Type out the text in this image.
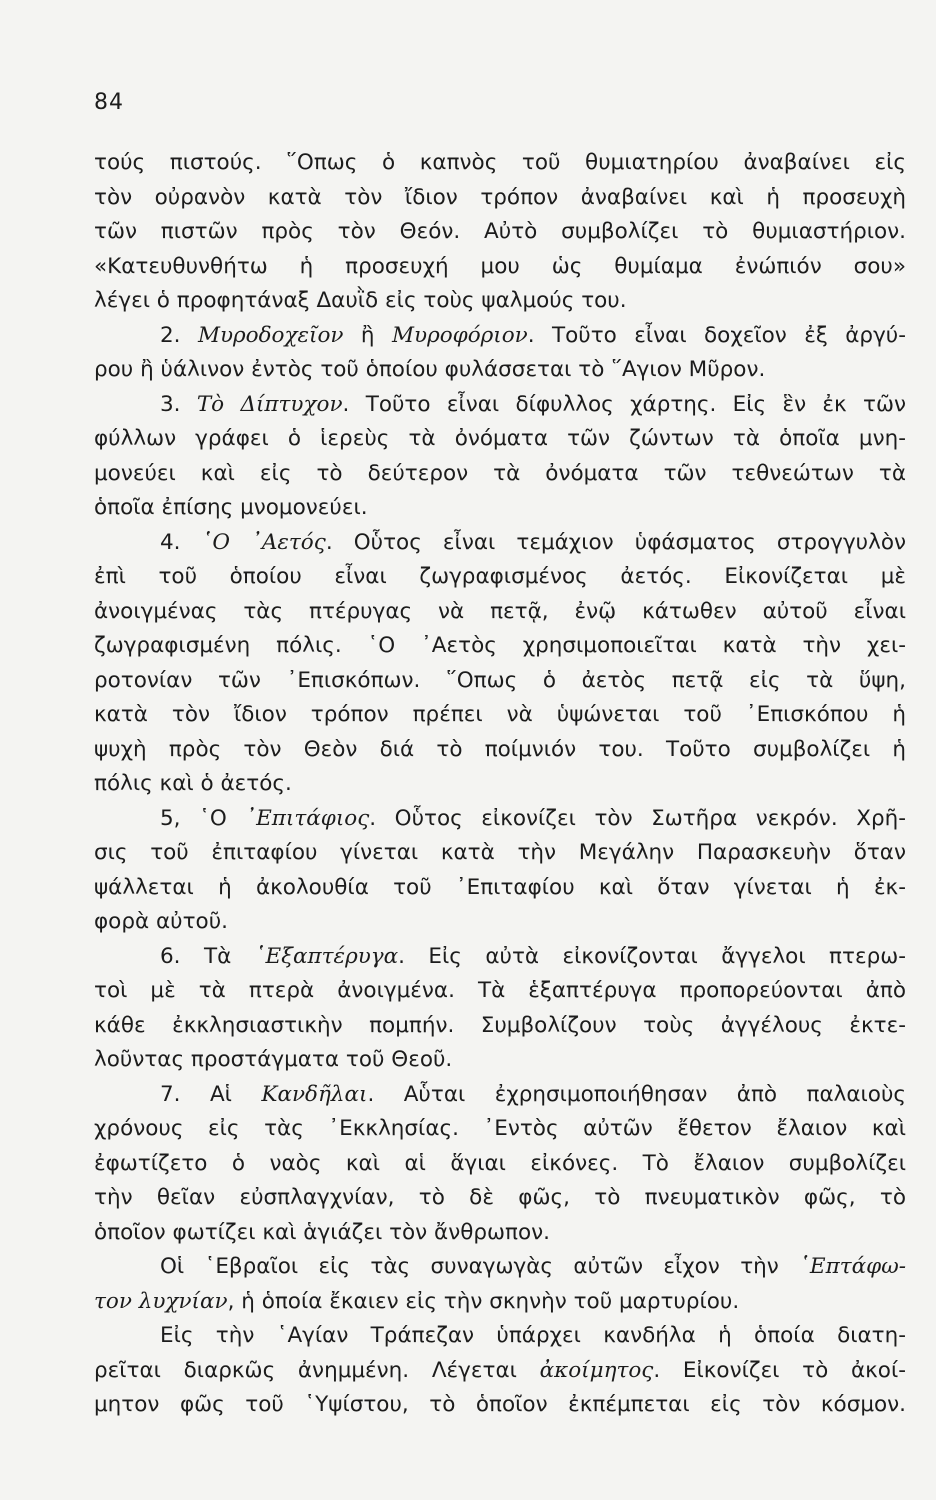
84
τούς πιστούς. ῞Οπως ὁ καπνὸς τοῦ θυμιατηρίου ἀναβαίνει εἰς
τὸν οὐρανὸν κατὰ τὸν ἴδιον τρόπον ἀναβαίνει καὶ ἡ προσευχὴ
τῶν πιστῶν πρὸς τὸν Θεόν. Αὐτὸ συμβολίζει τὸ θυμιαστήριον.
«Κατευθυνθήτω ἡ προσευχή μου ὡς θυμίαμα ἐνώπιόν σου»
λέγει ὁ προφητάναξ Δαυῒδ εἰς τοὺς ψαλμούς του.
2. Μυροδοχεῖον ἢ Μυροφόριον. Τοῦτο εἶναι δοχεῖον ἐξ ἀργύ-
ρου ἢ ὑάλινον ἐντὸς τοῦ ὁποίου φυλάσσεται τὸ ῞Αγιον Μῦρον.
3. Τὸ Δίπτυχον. Τοῦτο εἶναι δίφυλλος χάρτης. Εἰς ἓν ἐκ τῶν
φύλλων γράφει ὁ ἱερεὺς τὰ ὀνόματα τῶν ζώντων τὰ ὁποῖα μνη-
μονεύει καὶ εἰς τὸ δεύτερον τὰ ὀνόματα τῶν τεθνεώτων τὰ
ὁποῖα ἐπίσης μνομονεύει.
4. ῾Ο ᾿Αετός. Οὗτος εἶναι τεμάχιον ὑφάσματος στρογγυλὸν
ἐπὶ τοῦ ὁποίου εἶναι ζωγραφισμένος ἀετός. Εἰκονίζεται μὲ
ἀνοιγμένας τὰς πτέρυγας νὰ πετᾷ, ἐνῷ κάτωθεν αὐτοῦ εἶναι
ζωγραφισμένη πόλις. ῾Ο ᾿Αετὸς χρησιμοποιεῖται κατὰ τὴν χει-
ροτονίαν τῶν ᾿Επισκόπων. ῞Οπως ὁ ἀετὸς πετᾷ εἰς τὰ ὕψη,
κατὰ τὸν ἴδιον τρόπον πρέπει νὰ ὑψώνεται τοῦ ᾿Επισκόπου ἡ
ψυχὴ πρὸς τὸν Θεὸν διά τὸ ποίμνιόν του. Τοῦτο συμβολίζει ἡ
πόλις καὶ ὁ ἀετός.
5, ῾Ο ᾿Επιτάφιος. Οὗτος εἰκονίζει τὸν Σωτῆρα νεκρόν. Χρῆ-
σις τοῦ ἐπιταφίου γίνεται κατὰ τὴν Μεγάλην Παρασκευὴν ὅταν
ψάλλεται ἡ ἀκολουθία τοῦ ᾿Επιταφίου καὶ ὅταν γίνεται ἡ ἐκ-
φορὰ αὐτοῦ.
6. Τὰ ῾Εξαπτέρυγα. Εἰς αὐτὰ εἰκονίζονται ἄγγελοι πτερω-
τοὶ μὲ τὰ πτερὰ ἀνοιγμένα. Τὰ ἑξαπτέρυγα προπορεύονται ἀπὸ
κάθε ἐκκλησιαστικὴν πομπήν. Συμβολίζουν τοὺς ἀγγέλους ἐκτε-
λοῦντας προστάγματα τοῦ Θεοῦ.
7. Αἱ Κανδῆλαι. Αὗται ἐχρησιμοποιήθησαν ἀπὸ παλαιοὺς
χρόνους εἰς τὰς ᾿Εκκλησίας. ᾿Εντὸς αὐτῶν ἔθετον ἔλαιον καὶ
ἐφωτίζετο ὁ ναὸς καὶ αἱ ἅγιαι εἰκόνες. Τὸ ἔλαιον συμβολίζει
τὴν θεῖαν εὐσπλαγχνίαν, τὸ δὲ φῶς, τὸ πνευματικὸν φῶς, τὸ
ὁποῖον φωτίζει καὶ ἁγιάζει τὸν ἄνθρωπον.
Οἱ ῾Εβραῖοι εἰς τὰς συναγωγὰς αὐτῶν εἶχον τὴν ῾Επτάφω-
τον λυχνίαν, ἡ ὁποία ἔκαιεν εἰς τὴν σκηνὴν τοῦ μαρτυρίου.
Εἰς τὴν ῾Αγίαν Τράπεζαν ὑπάρχει κανδήλα ἡ ὁποία διατη-
ρεῖται διαρκῶς ἀνημμένη. Λέγεται ἀκοίμητος. Εἰκονίζει τὸ ἀκοί-
μητον φῶς τοῦ ῾Υψίστου, τὸ ὁποῖον ἐκπέμπεται εἰς τὸν κόσμον.
